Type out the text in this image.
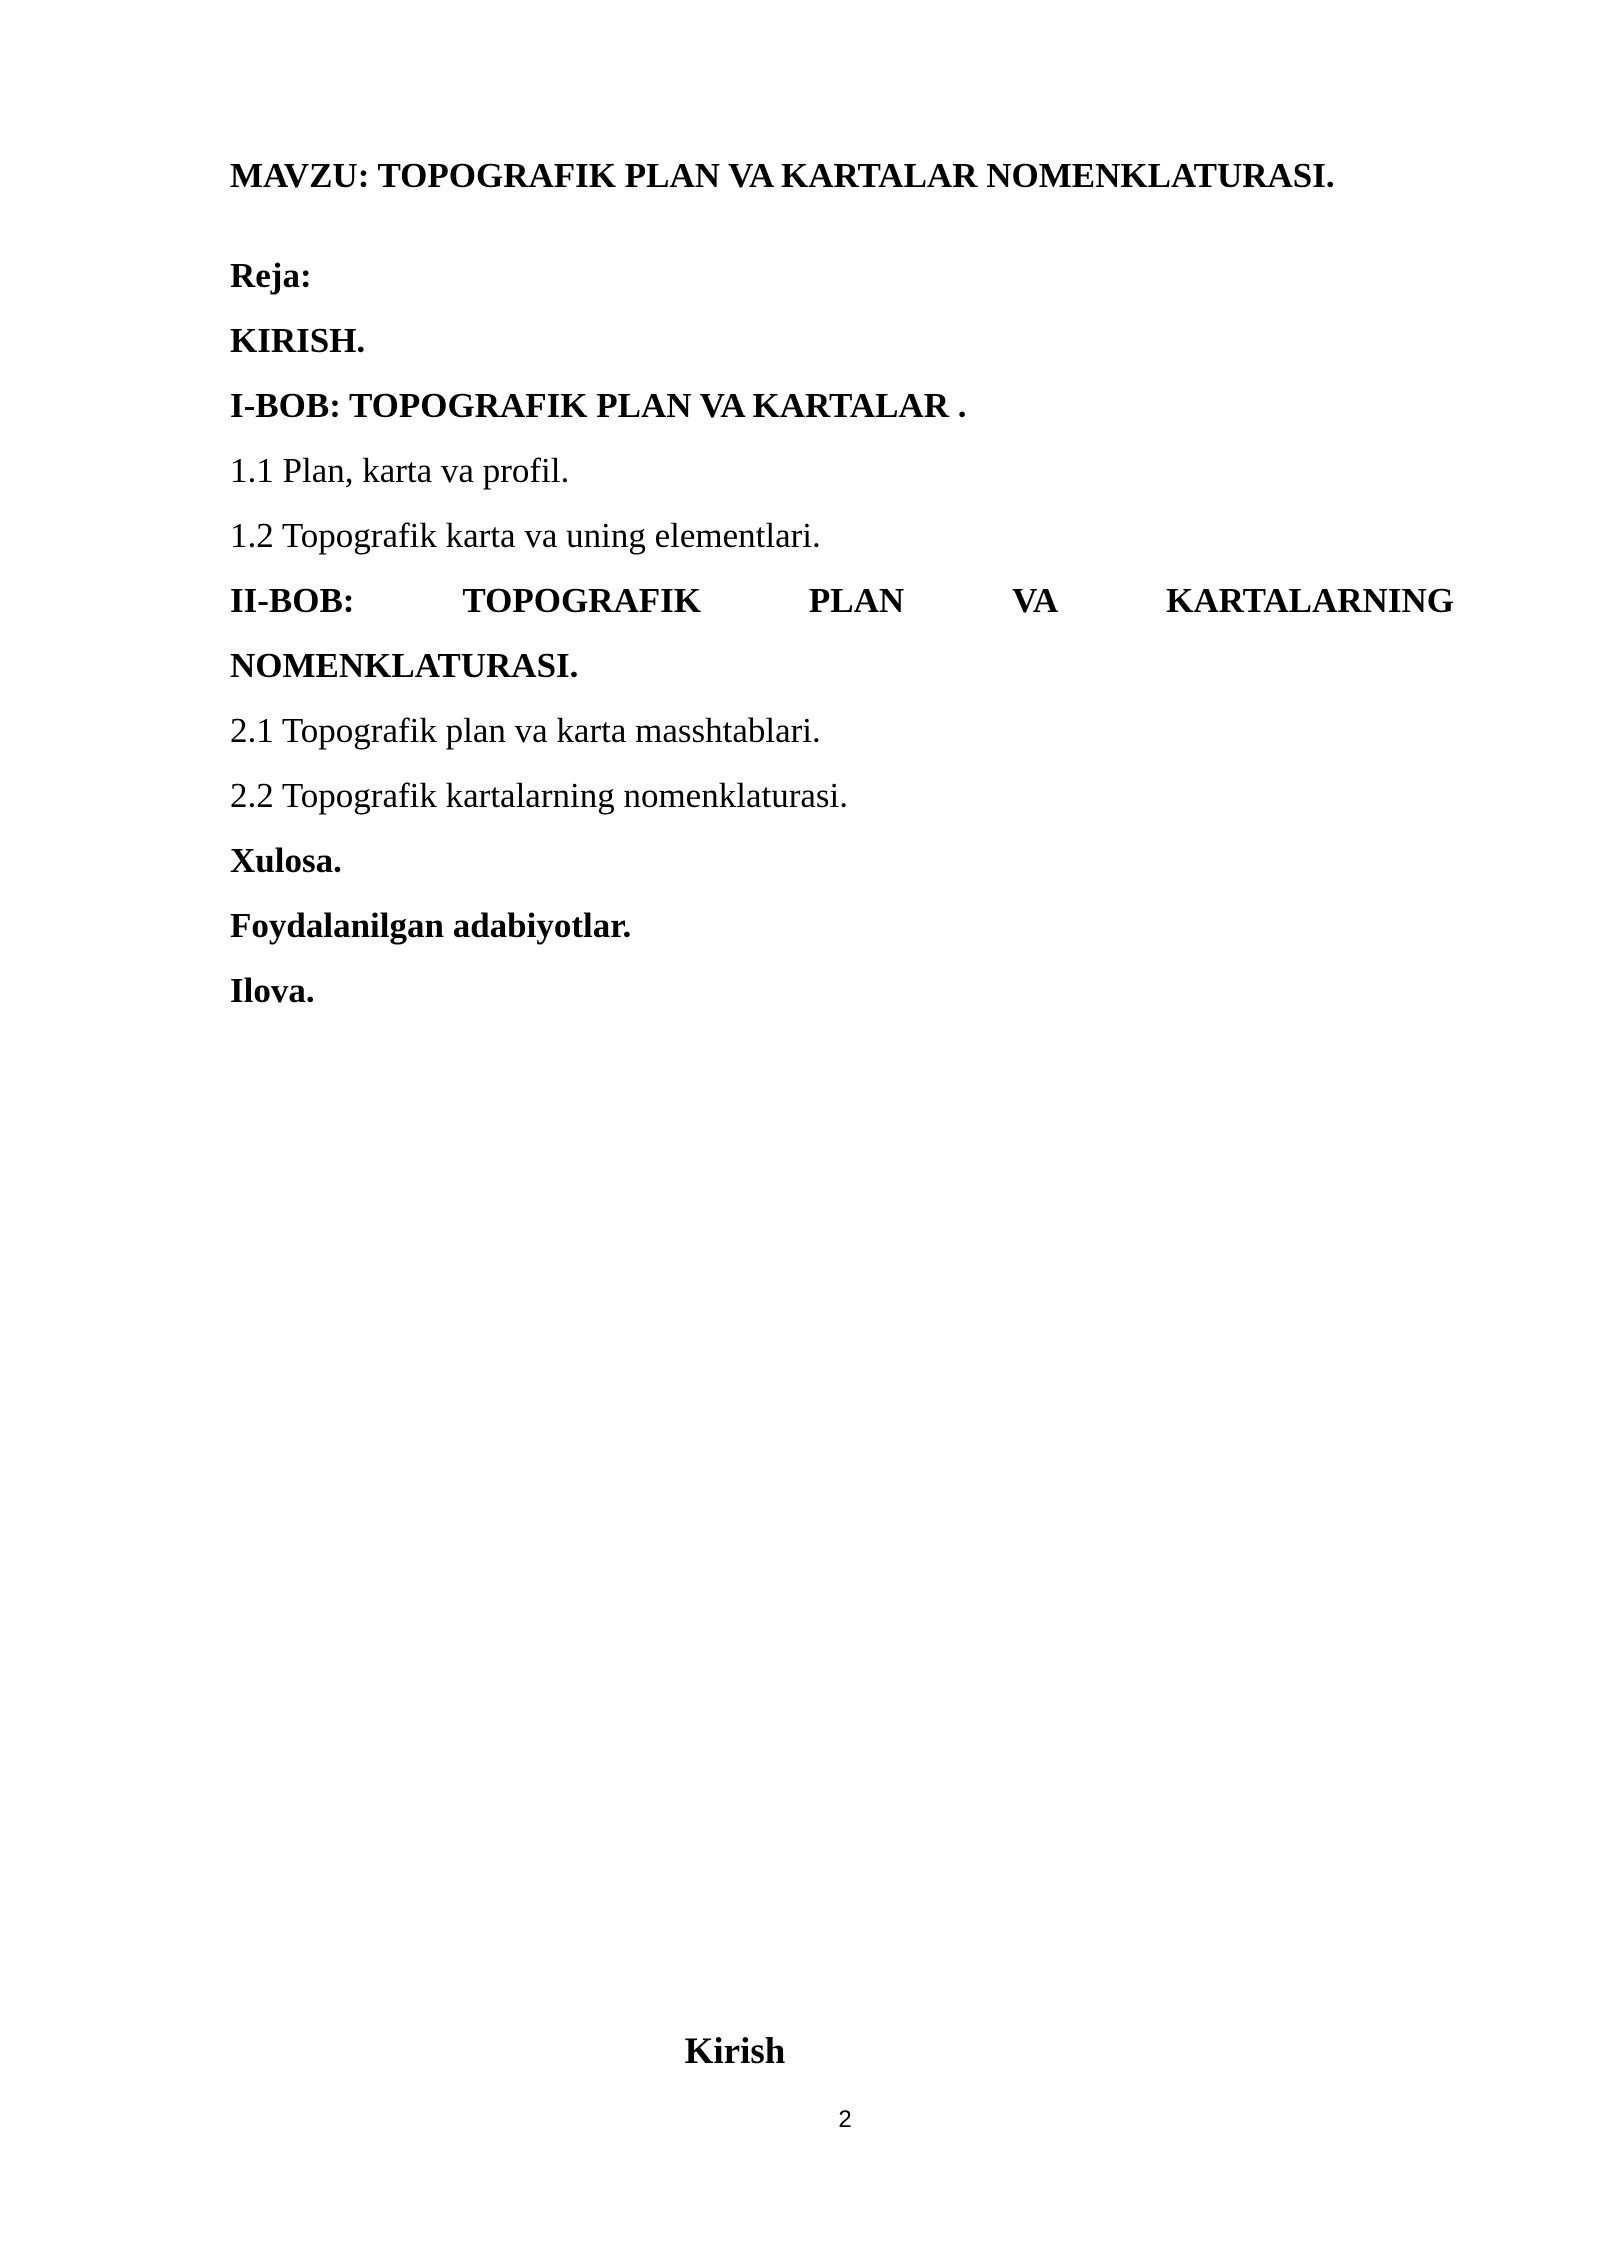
MAVZU: TOPOGRAFIK PLAN VA KARTALAR NOMENKLATURASI.
Reja:
KIRISH.
I-BOB: TOPOGRAFIK PLAN VA KARTALAR .
1.1 Plan, karta va profil.
1.2 Topografik karta va uning elementlari.
II-BOB:	TOPOGRAFIK	PLAN	VA	KARTALARNING
NOMENKLATURASI.
2.1 Topografik plan va karta masshtablari.
2.2 Topografik kartalarning nomenklaturasi.
Xulosa.
Foydalanilgan adabiyotlar.
Ilova.
Kirish
2
